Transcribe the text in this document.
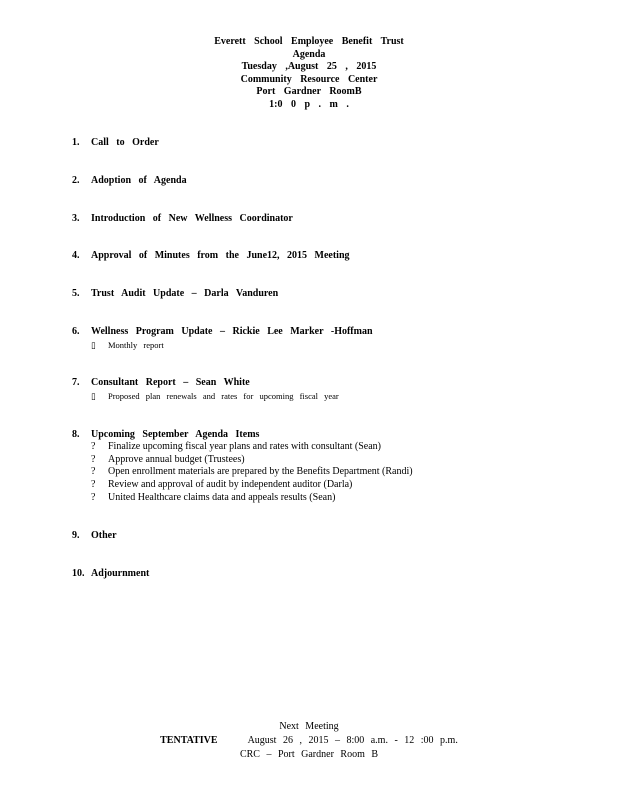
Everett School Employee Benefit Trust
Agenda
Tuesday ,August 25 , 2015
Community Resource Center
Port Gardner RoomB
1:0 0 p . m .
1.	Call to Order
2.	Adoption of Agenda
3.	Introduction of New Wellness Coordinator
4.	Approval of Minutes from the June12, 2015 Meeting
5.	Trust Audit Update – Darla Vanduren
6.	Wellness Program Update – Rickie Lee Marker -Hoffman
▯	Monthly report
7.	Consultant Report – Sean White
▯	Proposed plan renewals and rates for upcoming fiscal year
8.	Upcoming September Agenda Items
?	Finalize upcoming fiscal year plans and rates with consultant (Sean)
?	Approve annual budget (Trustees)
?	Open enrollment materials are prepared by the Benefits Department (Randi)
?	Review and approval of audit by independent auditor (Darla)
?	United Healthcare claims data and appeals results (Sean)
9.	Other
10. Adjournment
Next Meeting
TENTATIVE	August 26 , 2015 – 8:00 a.m. - 12 :00 p.m.
CRC – Port Gardner Room B
